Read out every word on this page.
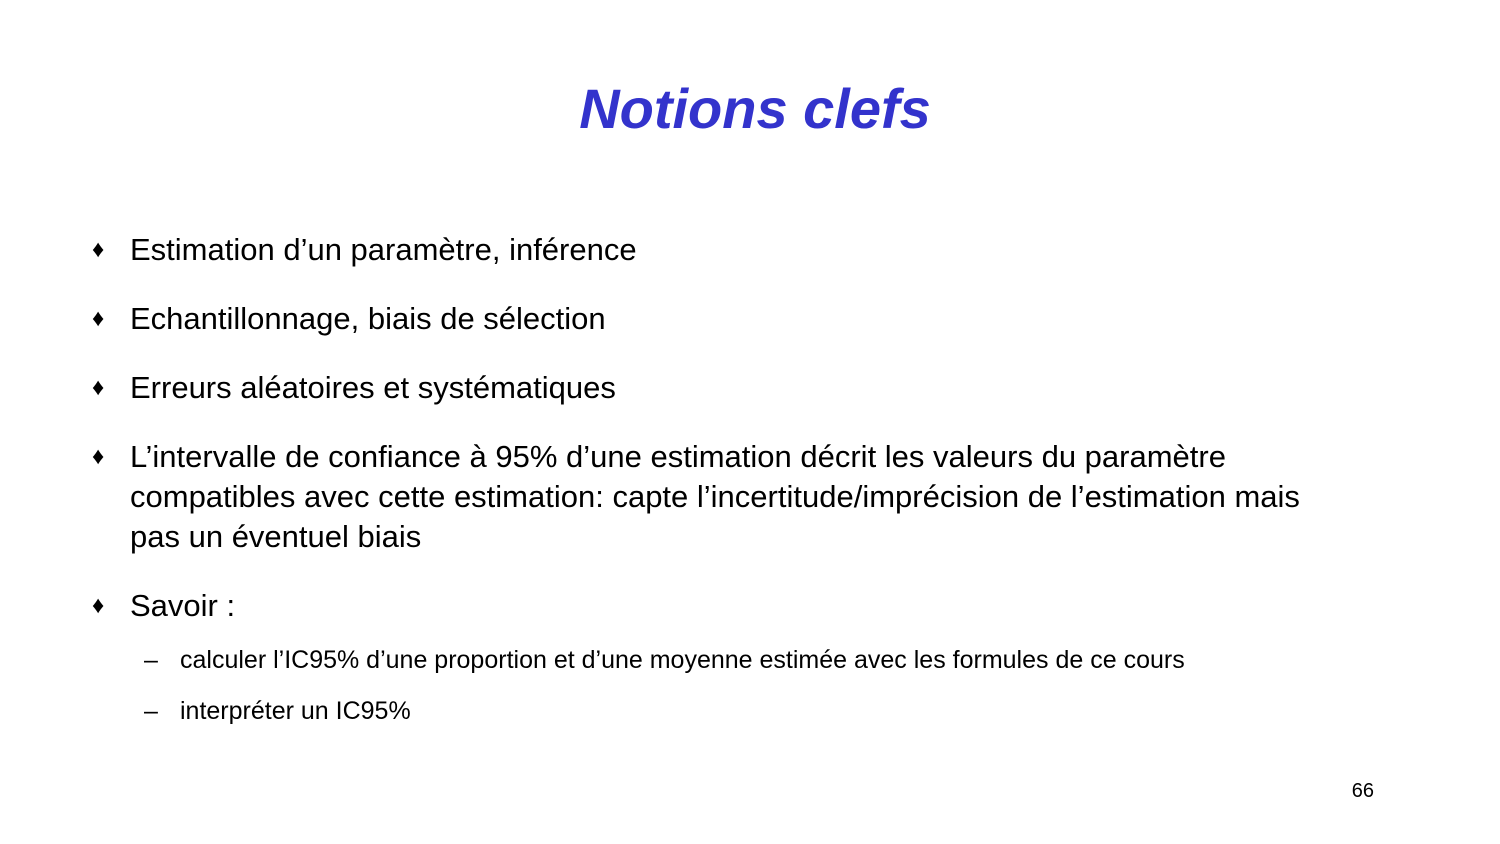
Notions clefs
♦ Estimation d’un paramètre, inférence
♦ Echantillonnage, biais de sélection
♦ Erreurs aléatoires et systématiques
♦ L’intervalle de confiance à 95% d’une estimation décrit les valeurs du paramètre compatibles avec cette estimation: capte l’incertitude/imprécision de l’estimation mais pas un éventuel biais
♦ Savoir :
– calculer l’IC95% d’une proportion et d’une moyenne estimée avec les formules de ce cours
– interpréter un IC95%
66
